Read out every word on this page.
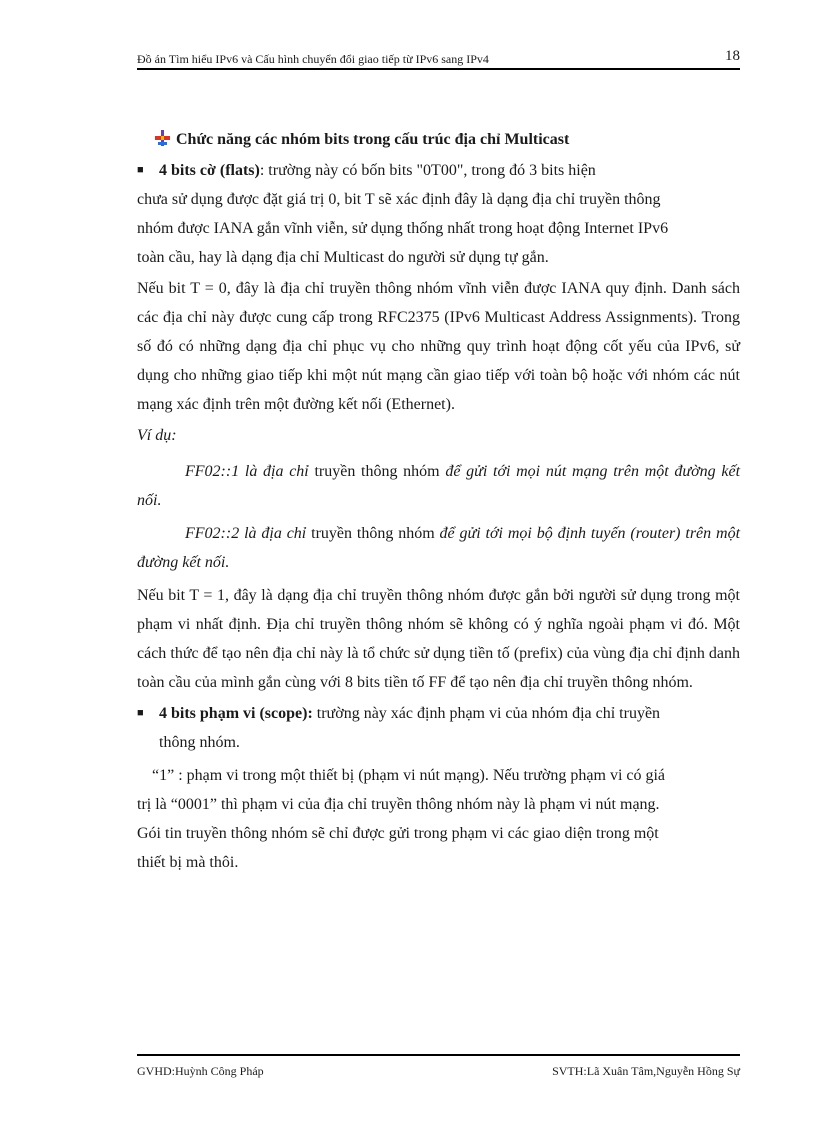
Đồ án Tìm hiểu IPv6 và Cấu hình chuyển đổi giao tiếp từ IPv6 sang IPv4	18
Chức năng các nhóm bits trong cấu trúc địa chỉ Multicast
■ 4 bits cờ (flats): trường này có bốn bits "0T00", trong đó 3 bits hiện
chưa sử dụng được đặt giá trị 0, bit T sẽ xác định đây là dạng địa chỉ truyền thông
nhóm được IANA gắn vĩnh viễn, sử dụng thống nhất trong hoạt động Internet IPv6
toàn cầu, hay là dạng địa chỉ Multicast do người sử dụng tự gắn.

Nếu bit T = 0, đây là địa chỉ truyền thông nhóm vĩnh viễn được IANA quy định. Danh sách các địa chỉ này được cung cấp trong RFC2375 (IPv6 Multicast Address Assignments). Trong số đó có những dạng địa chỉ phục vụ cho những quy trình hoạt động cốt yếu của IPv6, sử dụng cho những giao tiếp khi một nút mạng cần giao tiếp với toàn bộ hoặc với nhóm các nút mạng xác định trên một đường kết nối (Ethernet).

Ví dụ:

FF02::1 là địa chỉ truyền thông nhóm để gửi tới mọi nút mạng trên một đường kết nối.

FF02::2 là địa chỉ truyền thông nhóm để gửi tới mọi bộ định tuyến (router) trên một đường kết nối.

Nếu bit T = 1, đây là dạng địa chỉ truyền thông nhóm được gắn bởi người sử dụng trong một phạm vi nhất định. Địa chỉ truyền thông nhóm sẽ không có ý nghĩa ngoài phạm vi đó. Một cách thức để tạo nên địa chỉ này là tổ chức sử dụng tiền tố (prefix) của vùng địa chỉ định danh toàn cầu của mình gắn cùng với 8 bits tiền tố FF để tạo nên địa chỉ truyền thông nhóm.

■ 4 bits phạm vi (scope): trường này xác định phạm vi của nhóm địa chỉ truyền
thông nhóm.
“1” : phạm vi trong một thiết bị (phạm vi nút mạng). Nếu trường phạm vi có giá
trị là “0001” thì phạm vi của địa chỉ truyền thông nhóm này là phạm vi nút mạng.
Gói tin truyền thông nhóm sẽ chỉ được gửi trong phạm vi các giao diện trong một
thiết bị mà thôi.
GVHD:Huỳnh Công Pháp	SVTH:Lã Xuân Tâm,Nguyễn Hồng Sự
